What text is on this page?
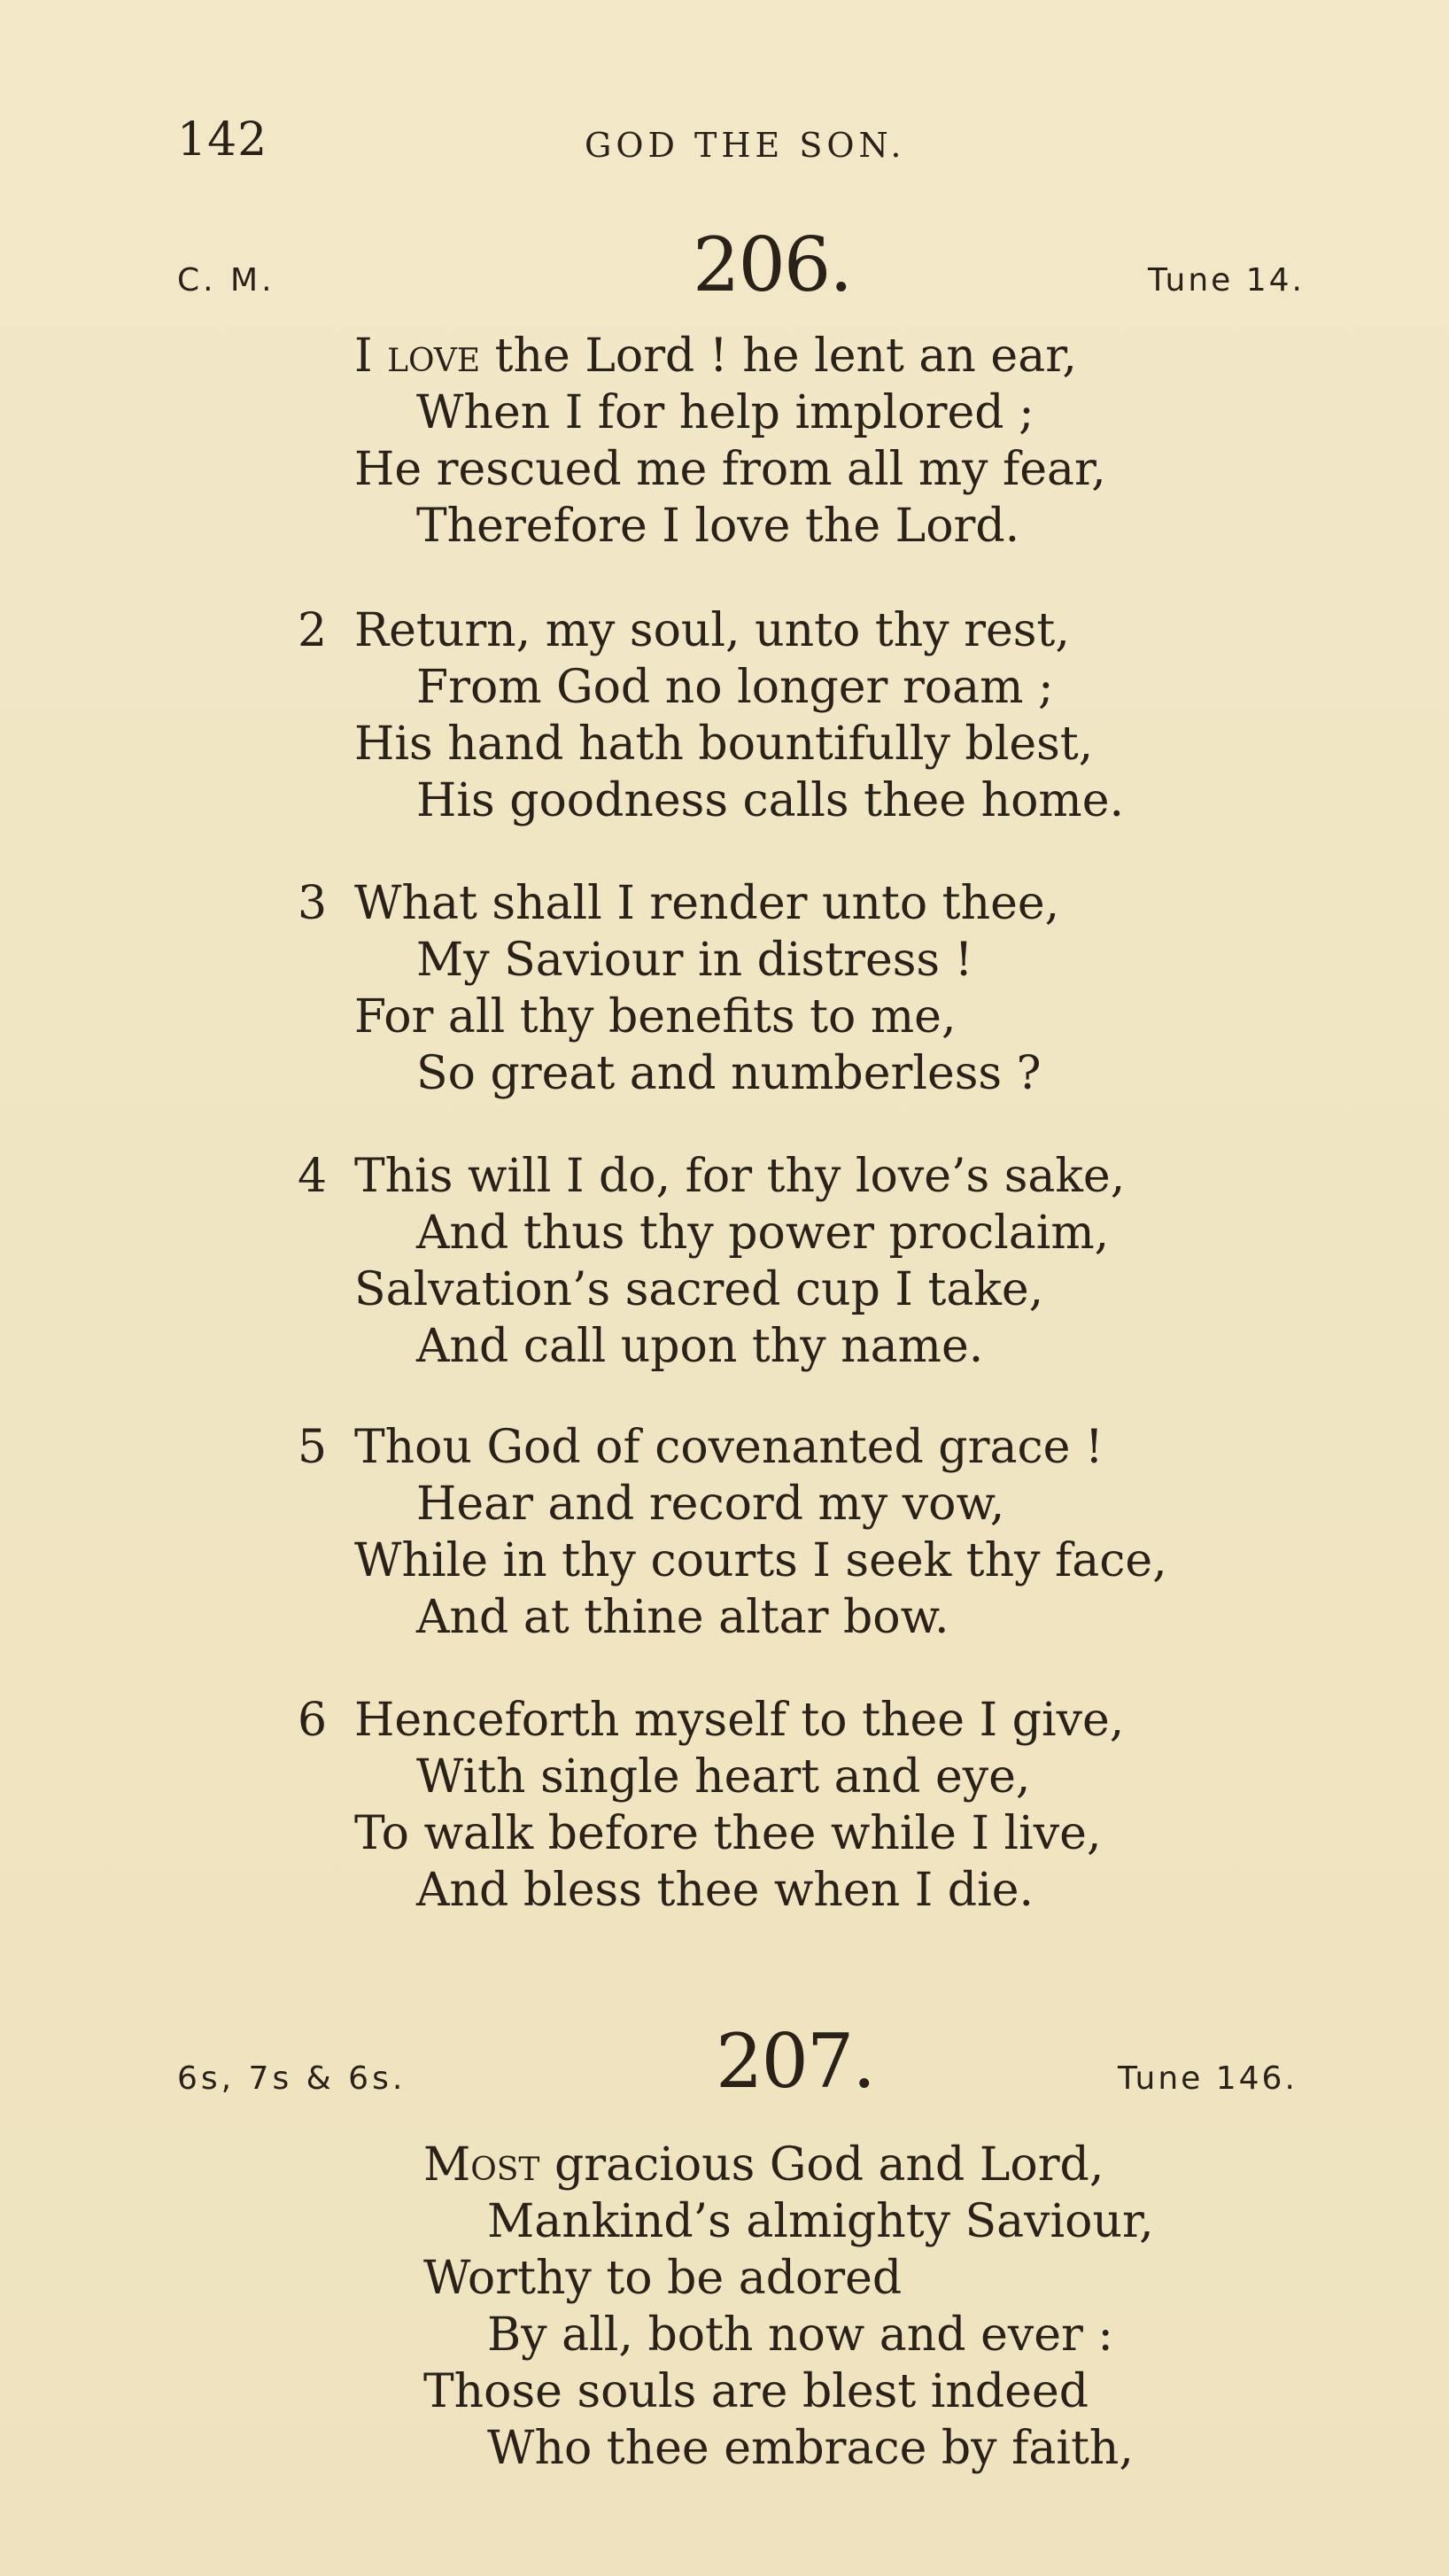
142	GOD THE SON.
C. M.	206.	Tune 14.
I love the Lord ! he lent an ear,
When I for help implored ;
He rescued me from all my fear,
Therefore I love the Lord.
2 Return, my soul, unto thy rest,
From God no longer roam ;
His hand hath bountifully blest,
His goodness calls thee home.
3 What shall I render unto thee,
My Saviour in distress !
For all thy benefits to me,
So great and numberless ?
4 This will I do, for thy love’s sake,
And thus thy power proclaim,
Salvation’s sacred cup I take,
And call upon thy name.
5 Thou God of covenanted grace !
Hear and record my vow,
While in thy courts I seek thy face,
And at thine altar bow.
6 Henceforth myself to thee I give,
With single heart and eye,
To walk before thee while I live,
And bless thee when I die.
6s, 7s & 6s.	207.	Tune 146.
Most gracious God and Lord,
Mankind’s almighty Saviour,
Worthy to be adored
By all, both now and ever :
Those souls are blest indeed
Who thee embrace by faith,
